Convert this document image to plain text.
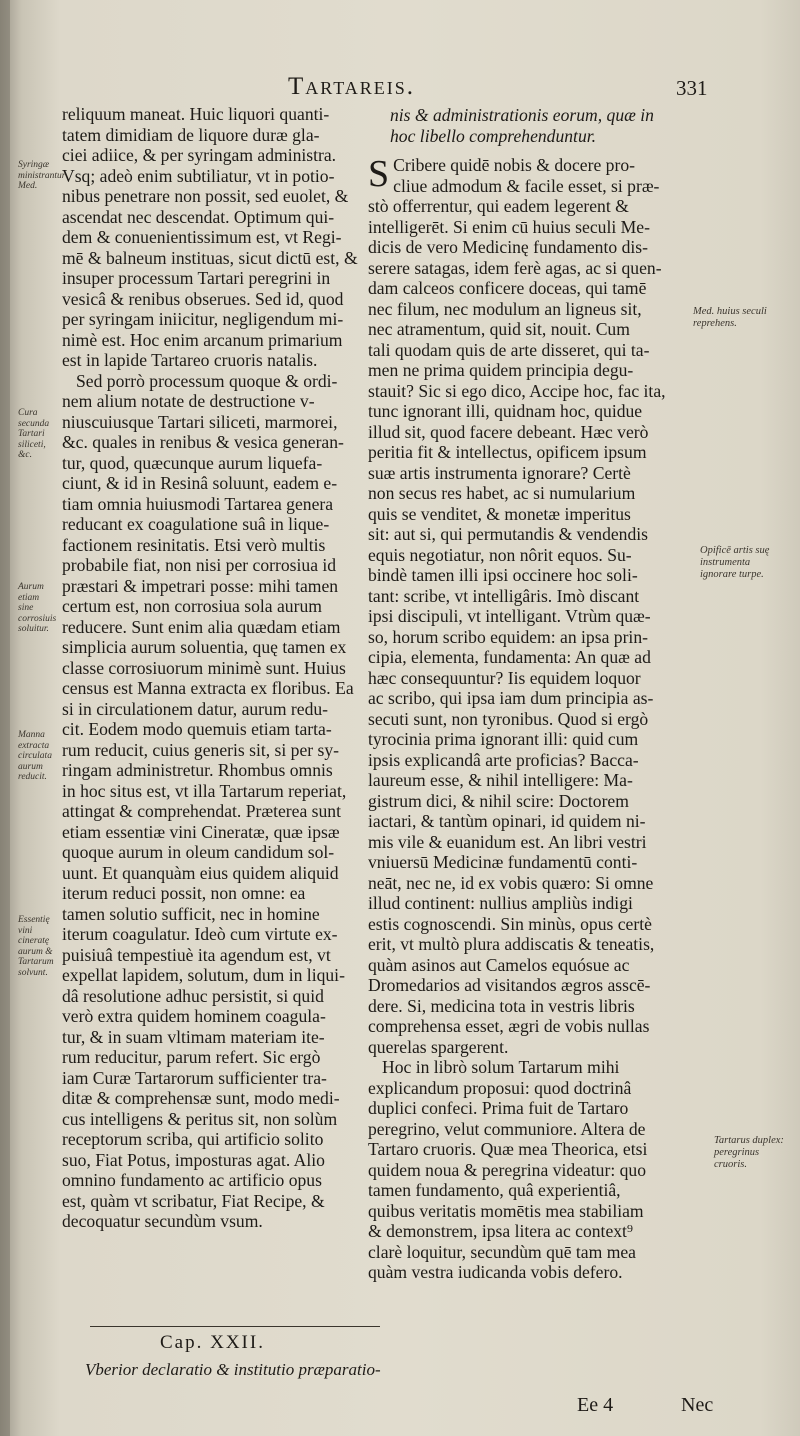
Tartareis.	331
reliquum maneat. Huic liquori quanti-
tatem dimidiam de liquore duræ gla-
ciei adiice, & per syringam administra.
Vsq; adeò enim subtiliatur, vt in potio-
nibus penetrare non possit, sed euolet, &
ascendat nec descendat. Optimum qui-
dem & conuenientissimum est, vt Regi-
mē & balneum instituas, sicut dictū est, &
insuper processum Tartari peregrini in
vesicâ & renibus obserues. Sed id, quod
per syringam iniicitur, negligendum mi-
nimè est. Hoc enim arcanum primarium
est in lapide Tartareo cruoris natalis.
Sed porrò processum quoque & ordi-
nem alium notate de destructione v-
niuscuiusque Tartari siliceti, marmorei,
&c. quales in renibus & vesica generan-
tur, quod, quæcunque aurum liquefa-
ciunt, & id in Resinâ soluunt, eadem e-
tiam omnia huiusmodi Tartarea genera
reducant ex coagulatione suâ in lique-
factionem resinitatis. Etsi verò multis
probabile fiat, non nisi per corrosiua id
præstari & impetrari posse: mihi tamen
certum est, non corrosiua sola aurum
reducere. Sunt enim alia quædam etiam
simplicia aurum soluentia, quę tamen ex
classe corrosiuorum minimè sunt. Huius
census est Manna extracta ex floribus. Ea
si in circulationem datur, aurum redu-
cit. Eodem modo quemuis etiam tarta-
rum reducit, cuius generis sit, si per sy-
ringam administretur. Rhombus omnis
in hoc situs est, vt illa Tartarum reperiat,
attingat & comprehendat. Præterea sunt
etiam essentiæ vini Cineratæ, quæ ipsæ
quoque aurum in oleum candidum sol-
uunt. Et quanquàm eius quidem aliquid
iterum reduci possit, non omne: ea
tamen solutio sufficit, nec in homine
iterum coagulatur. Ideò cum virtute ex-
puisiuâ tempestiuè ita agendum est, vt
expellat lapidem, solutum, dum in liqui-
dâ resolutione adhuc persistit, si quid
verò extra quidem hominem coagula-
tur, & in suam vltimam materiam ite-
rum reducitur, parum refert. Sic ergò
iam Curæ Tartarorum sufficienter tra-
ditæ & comprehensæ sunt, modo medi-
cus intelligens & peritus sit, non solùm
receptorum scriba, qui artificio solito
suo, Fiat Potus, imposturas agat. Alio
omnino fundamento ac artificio opus
est, quàm vt scribatur, Fiat Recipe, &
decoquatur secundùm vsum.
nis & administrationis eorum, quæ in
hoc libello comprehenduntur.
S Cribere quidē nobis & docere pro-
cliue admodum & facile esset, si præ-
stò offerrentur, qui eadem legerent &
intelligerēt. Si enim cū huius seculi Me-
dicis de vero Medicinę fundamento dis-
serere satagas, idem ferè agas, ac si quen-
dam calceos conficere doceas, qui tamē
nec filum, nec modulum an ligneus sit,
nec atramentum, quid sit, nouit. Cum
tali quodam quis de arte disseret, qui ta-
men ne prima quidem principia degu-
stauit? Sic si ego dico, Accipe hoc, fac ita,
tunc ignorant illi, quidnam hoc, quidue
illud sit, quod facere debeant. Hæc verò
peritia fit & intellectus, opificem ipsum
suæ artis instrumenta ignorare? Certè
non secus res habet, ac si numularium
quis se venditet, & monetæ imperitus
sit: aut si, qui permutandis & vendendis
equis negotiatur, non nôrit equos. Su-
bindè tamen illi ipsi occinere hoc soli-
tant: scribe, vt intelligâris. Imò discant
ipsi discipuli, vt intelligant. Vtrùm quæ-
so, horum scribo equidem: an ipsa prin-
cipia, elementa, fundamenta: An quæ ad
hæc consequuntur? Iis equidem loquor
ac scribo, qui ipsa iam dum principia as-
secuti sunt, non tyronibus. Quod si ergò
tyrocinia prima ignorant illi: quid cum
ipsis explicandâ arte proficias? Bacca-
laureum esse, & nihil intelligere: Ma-
gistrum dici, & nihil scire: Doctorem
iactari, & tantùm opinari, id quidem ni-
mis vile & euanidum est. An libri vestri
vniuersū Medicinæ fundamentū conti-
neāt, nec ne, id ex vobis quæro: Si omne
illud continent: nullius ampliùs indigi
estis cognoscendi. Sin minùs, opus certè
erit, vt multò plura addiscatis & teneatis,
quàm asinos aut Camelos equósue ac
Dromedarios ad visitandos ægros asscē-
dere. Si, medicina tota in vestris libris
comprehensa esset, ægri de vobis nullas
querelas spargerent.
Hoc in librò solum Tartarum mihi
explicandum proposui: quod doctrinâ
duplici confeci. Prima fuit de Tartaro
peregrino, velut communiore. Altera de
Tartaro cruoris. Quæ mea Theorica, etsi
quidem noua & peregrina videatur: quo
tamen fundamento, quâ experientiâ,
quibus veritatis momētis mea stabiliam
& demonstrem, ipsa litera ac context⁹
clarè loquitur, secundùm quē tam mea
quàm vestra iudicanda vobis defero.
Syringæ ministrantur Med.
Cura secunda Tartari siliceti, &c.
Aurum etiam sine corrosiuis soluitur.
Manna extracta circulata aurum reducit.
Essentię vini cineratę aurum & Tartarum solvunt.
Med. huius seculi reprehens.
Opificē artis suę instrumenta ignorare turpe.
Tartarus duplex: peregrinus cruoris.
Cap. XXII.
Vberior declaratio & institutio præparatio-
Ee 4	Nec
